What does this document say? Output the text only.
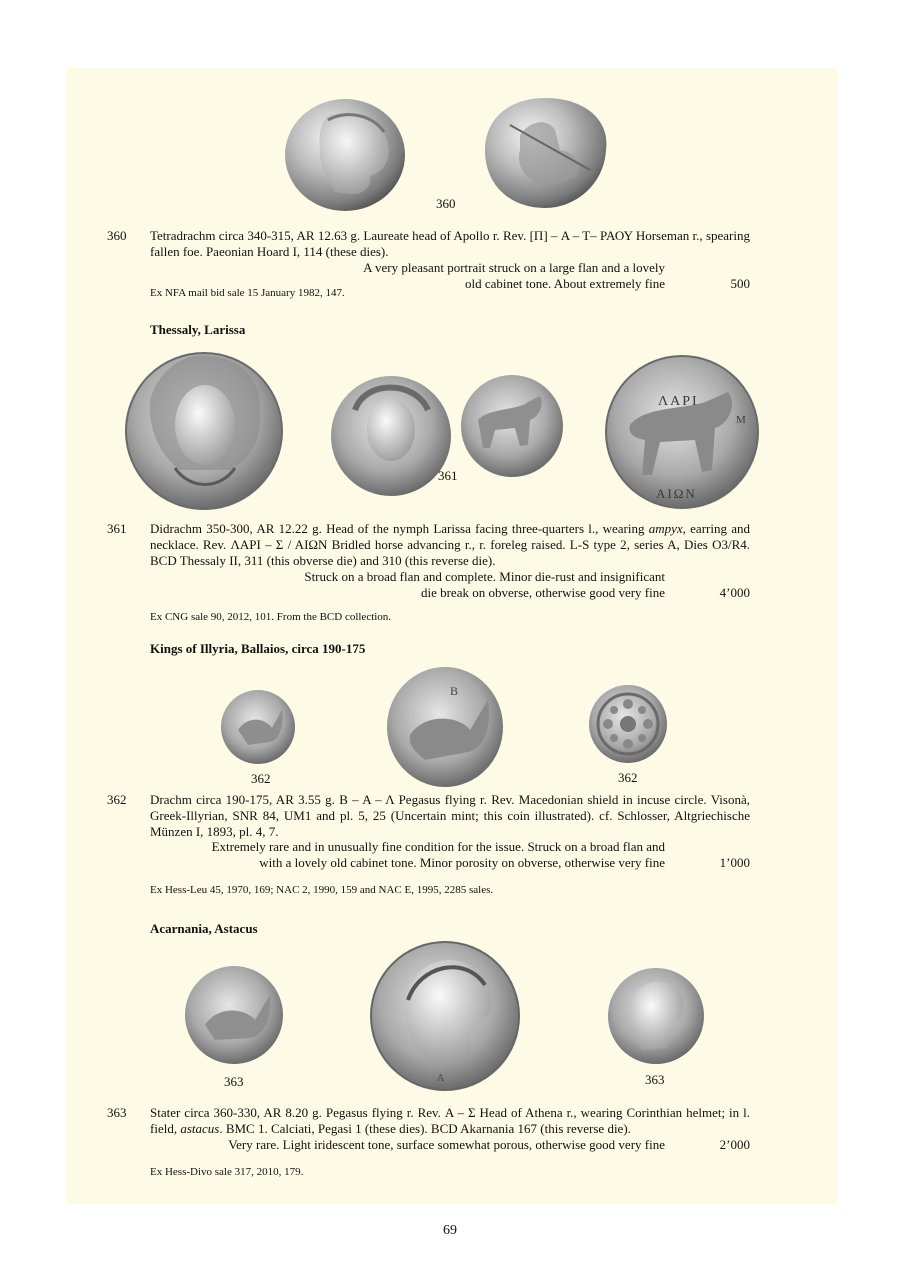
ΛΑΡΙ
Μ
ΑΙΩΝ
Β
Α
360
360 Tetradrachm circa 340-315, AR 12.63 g. Laureate head of Apollo r. Rev. [Π] – Α – Τ– ΡΑΟΥ Horseman r., spearing fallen foe. Paeonian Hoard I, 114 (these dies).
A very pleasant portrait struck on a large flan and a lovely
old cabinet tone. About extremely fine	500
Ex NFA mail bid sale 15 January 1982, 147.
Thessaly, Larissa
361
361 Didrachm 350-300, AR 12.22 g. Head of the nymph Larissa facing three-quarters l., wearing ampyx, earring and necklace. Rev. ΛΑΡΙ – Σ / ΑΙΩΝ Bridled horse advancing r., r. foreleg raised. L-S type 2, series A, Dies O3/R4. BCD Thessaly II, 311 (this obverse die) and 310 (this reverse die).
Struck on a broad flan and complete. Minor die-rust and insignificant
die break on obverse, otherwise good very fine	4’000
Ex CNG sale 90, 2012, 101. From the BCD collection.
Kings of Illyria, Ballaios, circa 190-175
362	362
362 Drachm circa 190-175, AR 3.55 g. Β – Α – Λ Pegasus flying r. Rev. Macedonian shield in incuse circle. Visonà, Greek-Illyrian, SNR 84, UM1 and pl. 5, 25 (Uncertain mint; this coin illustrated). cf. Schlosser, Altgriechische Münzen I, 1893, pl. 4, 7.
Extremely rare and in unusually fine condition for the issue. Struck on a broad flan and
with a lovely old cabinet tone. Minor porosity on obverse, otherwise very fine	1’000
Ex Hess-Leu 45, 1970, 169; NAC 2, 1990, 159 and NAC E, 1995, 2285 sales.
Acarnania, Astacus
363	363
363 Stater circa 360-330, AR 8.20 g. Pegasus flying r. Rev. Α – Σ Head of Athena r., wearing Corinthian helmet; in l. field, astacus. BMC 1. Calciati, Pegasi 1 (these dies). BCD Akarnania 167 (this reverse die).
Very rare. Light iridescent tone, surface somewhat porous, otherwise good very fine	2’000
Ex Hess-Divo sale 317, 2010, 179.
69
